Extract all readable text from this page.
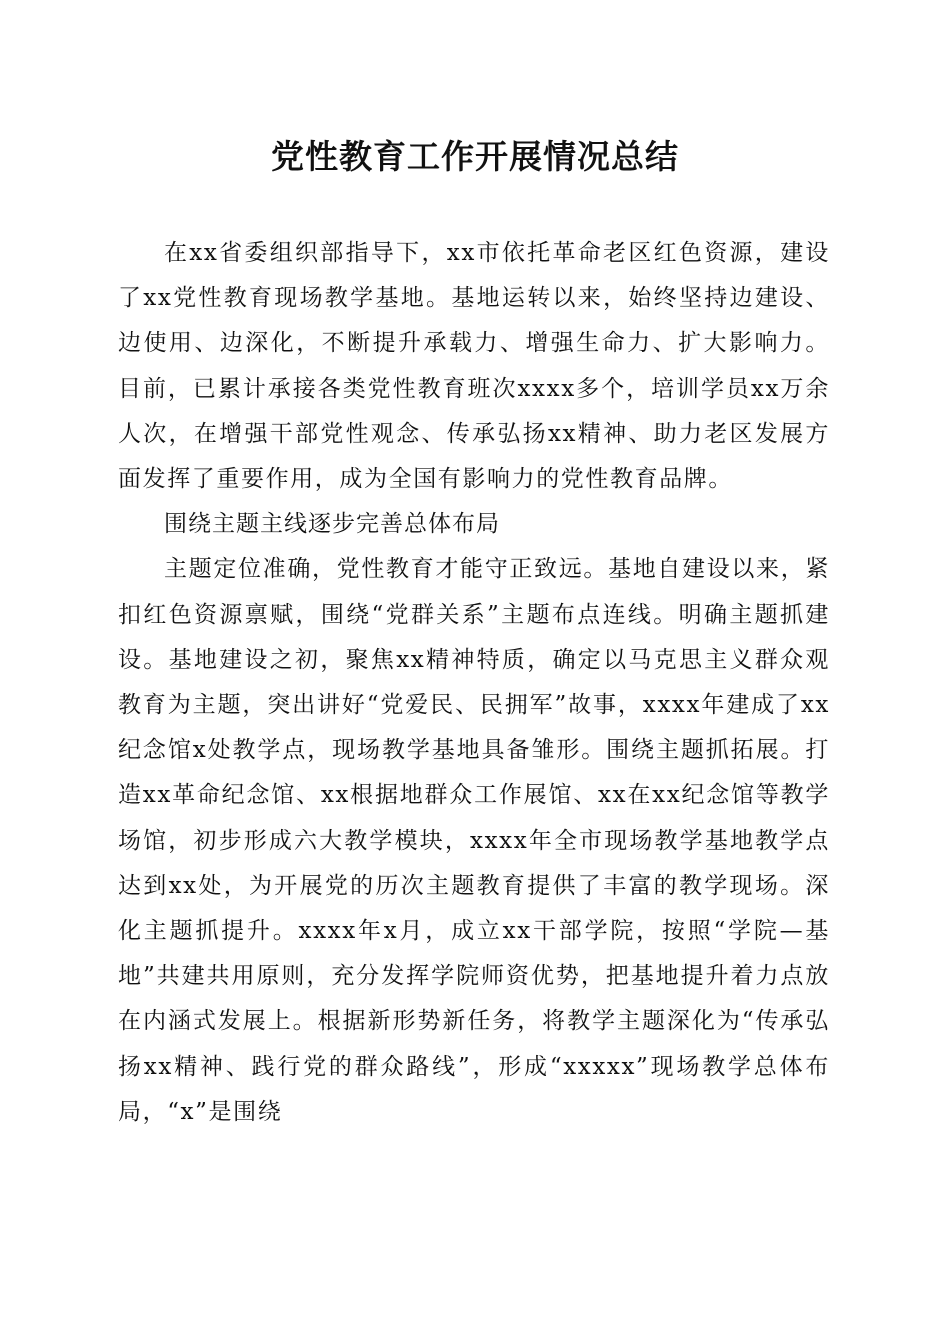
党性教育工作开展情况总结

在xx省委组织部指导下，xx市依托革命老区红色资源，建设了xx党性教育现场教学基地。基地运转以来，始终坚持边建设、边使用、边深化，不断提升承载力、增强生命力、扩大影响力。目前，已累计承接各类党性教育班次xxxx多个，培训学员xx万余人次，在增强干部党性观念、传承弘扬xx精神、助力老区发展方面发挥了重要作用，成为全国有影响力的党性教育品牌。

围绕主题主线逐步完善总体布局

主题定位准确，党性教育才能守正致远。基地自建设以来，紧扣红色资源禀赋，围绕“党群关系”主题布点连线。明确主题抓建设。基地建设之初，聚焦xx精神特质，确定以马克思主义群众观教育为主题，突出讲好“党爱民、民拥军”故事，xxxx年建成了xx纪念馆x处教学点，现场教学基地具备雏形。围绕主题抓拓展。打造xx革命纪念馆、xx根据地群众工作展馆、xx在xx纪念馆等教学场馆，初步形成六大教学模块，xxxx年全市现场教学基地教学点达到xx处，为开展党的历次主题教育提供了丰富的教学现场。深化主题抓提升。xxxx年x月，成立xx干部学院，按照“学院—基地”共建共用原则，充分发挥学院师资优势，把基地提升着力点放在内涵式发展上。根据新形势新任务，将教学主题深化为“传承弘扬xx精神、践行党的群众路线”，形成“xxxxx”现场教学总体布局，“x”是围绕
